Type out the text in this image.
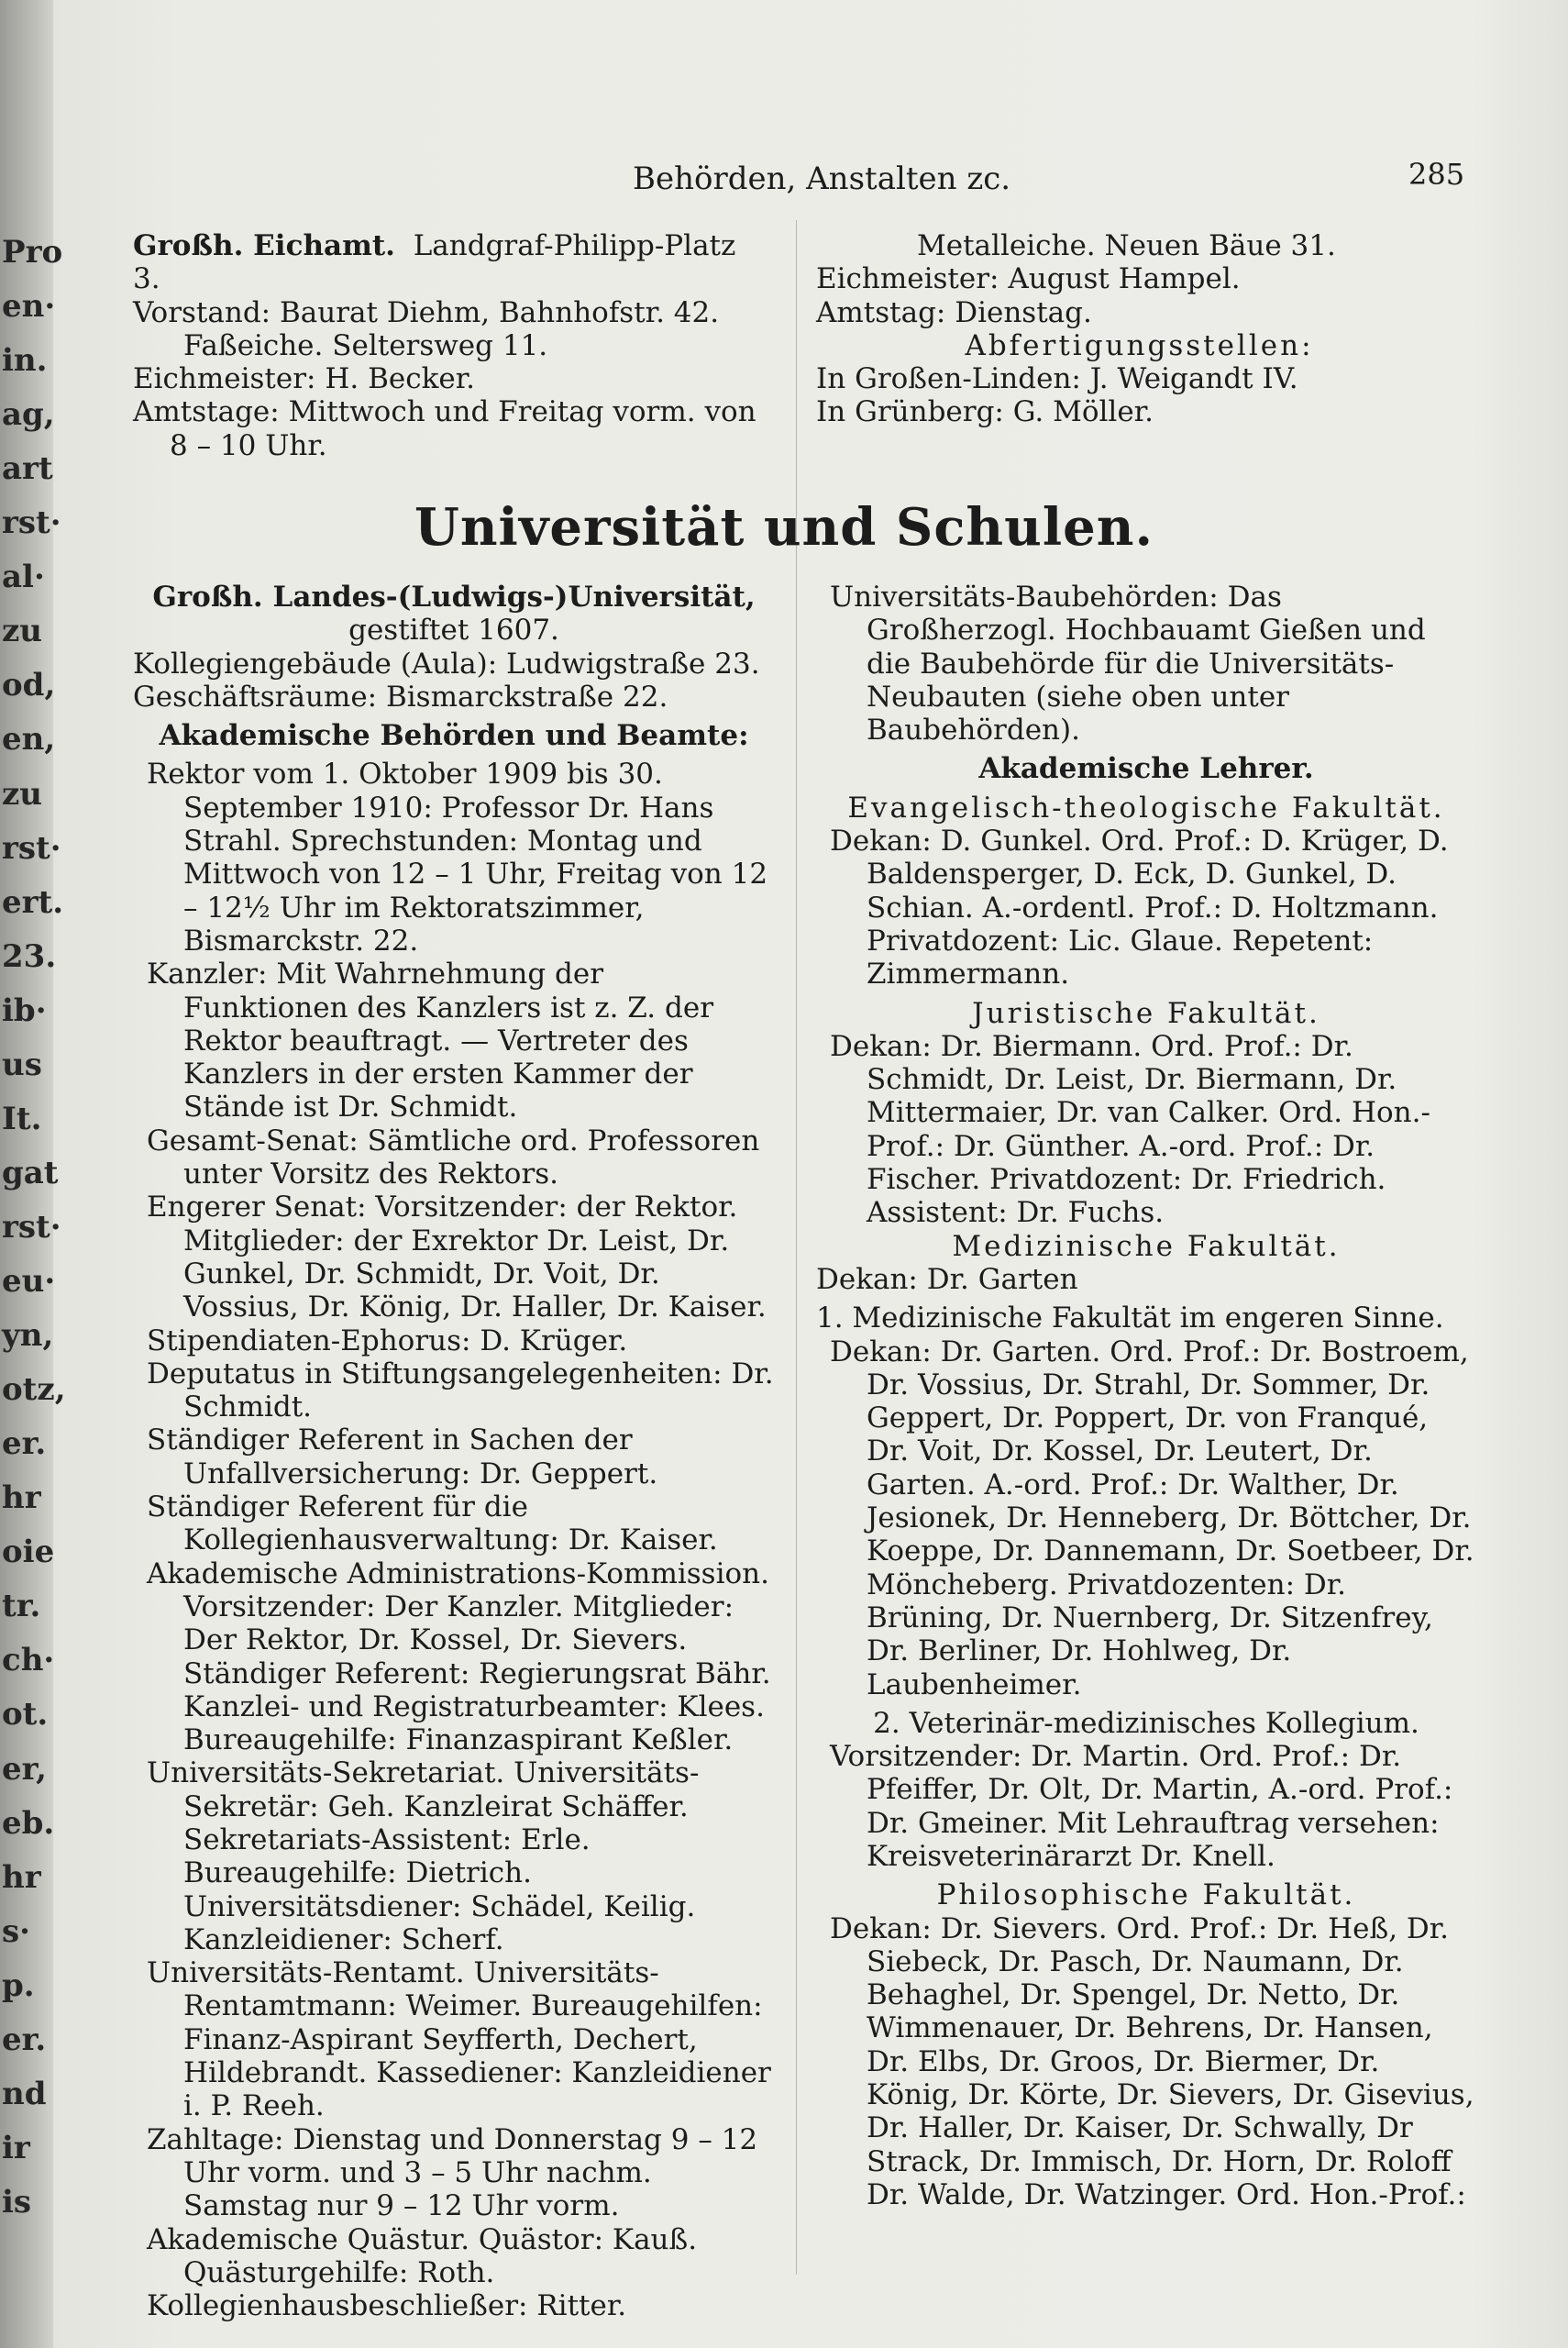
Pro
en·
in.
ag,
art
rst·
al·
zu
od,
en,
zu
rst·
ert.
23.
ib·
us
It.
gat
rst·
eu·
yn,
otz,
er.
hr
oie
tr.
ch·
ot.
er,
eb.
hr
s·
p.
er.
nd
ir
is
Behörden, Anstalten zc.	285

Großh. Eichamt. Landgraf-Philipp-Platz 3.

Vorstand: Baurat Diehm, Bahnhofstr. 42.

Faßeiche. Seltersweg 11.

Eichmeister: H. Becker.

Amtstage: Mittwoch und Freitag vorm. von

8 – 10 Uhr.

Metalleiche. Neuen Bäue 31.

Eichmeister: August Hampel.

Amtstag: Dienstag.

Abfertigungsstellen:

In Großen-Linden: J. Weigandt IV.

In Grünberg: G. Möller.

Universität und Schulen.

Großh. Landes-(Ludwigs-)Universität,

gestiftet 1607.

Kollegiengebäude (Aula): Ludwigstraße 23.

Geschäftsräume: Bismarckstraße 22.

Akademische Behörden und Beamte:

Rektor vom 1. Oktober 1909 bis 30. September 1910: Professor Dr. Hans Strahl. Sprechstunden: Montag und Mittwoch von 12 – 1 Uhr, Freitag von 12 – 12½ Uhr im Rektoratszimmer, Bismarckstr. 22.

Kanzler: Mit Wahrnehmung der Funktionen des Kanzlers ist z. Z. der Rektor beauftragt. — Vertreter des Kanzlers in der ersten Kammer der Stände ist Dr. Schmidt.

Gesamt-Senat: Sämtliche ord. Professoren unter Vorsitz des Rektors.

Engerer Senat: Vorsitzender: der Rektor. Mitglieder: der Exrektor Dr. Leist, Dr. Gunkel, Dr. Schmidt, Dr. Voit, Dr. Vossius, Dr. König, Dr. Haller, Dr. Kaiser.

Stipendiaten-Ephorus: D. Krüger.

Deputatus in Stiftungsangelegenheiten: Dr. Schmidt.

Ständiger Referent in Sachen der Unfallversicherung: Dr. Geppert.

Ständiger Referent für die Kollegienhausverwaltung: Dr. Kaiser.

Akademische Administrations-Kommission. Vorsitzender: Der Kanzler. Mitglieder: Der Rektor, Dr. Kossel, Dr. Sievers. Ständiger Referent: Regierungsrat Bähr. Kanzlei- und Registraturbeamter: Klees. Bureaugehilfe: Finanzaspirant Keßler.

Universitäts-Sekretariat. Universitäts-Sekretär: Geh. Kanzleirat Schäffer. Sekretariats-Assistent: Erle. Bureaugehilfe: Dietrich. Universitätsdiener: Schädel, Keilig. Kanzleidiener: Scherf.

Universitäts-Rentamt. Universitäts-Rentamtmann: Weimer. Bureaugehilfen: Finanz-Aspirant Seyfferth, Dechert, Hildebrandt. Kassediener: Kanzleidiener i. P. Reeh.

Zahltage: Dienstag und Donnerstag 9 – 12 Uhr vorm. und 3 – 5 Uhr nachm. Samstag nur 9 – 12 Uhr vorm.

Akademische Quästur. Quästor: Kauß. Quästurgehilfe: Roth.

Kollegienhausbeschließer: Ritter.

Universitäts-Baubehörden: Das Großherzogl. Hochbauamt Gießen und die Baubehörde für die Universitäts-Neubauten (siehe oben unter Baubehörden).

Akademische Lehrer.

Evangelisch-theologische Fakultät.

Dekan: D. Gunkel. Ord. Prof.: D. Krüger, D. Baldensperger, D. Eck, D. Gunkel, D. Schian. A.-ordentl. Prof.: D. Holtzmann. Privatdozent: Lic. Glaue. Repetent: Zimmermann.

Juristische Fakultät.

Dekan: Dr. Biermann. Ord. Prof.: Dr. Schmidt, Dr. Leist, Dr. Biermann, Dr. Mittermaier, Dr. van Calker. Ord. Hon.-Prof.: Dr. Günther. A.-ord. Prof.: Dr. Fischer. Privatdozent: Dr. Friedrich. Assistent: Dr. Fuchs.

Medizinische Fakultät.

Dekan: Dr. Garten

1. Medizinische Fakultät im engeren Sinne.

Dekan: Dr. Garten. Ord. Prof.: Dr. Bostroem, Dr. Vossius, Dr. Strahl, Dr. Sommer, Dr. Geppert, Dr. Poppert, Dr. von Franqué, Dr. Voit, Dr. Kossel, Dr. Leutert, Dr. Garten. A.-ord. Prof.: Dr. Walther, Dr. Jesionek, Dr. Henneberg, Dr. Böttcher, Dr. Koeppe, Dr. Dannemann, Dr. Soetbeer, Dr. Möncheberg. Privatdozenten: Dr. Brüning, Dr. Nuernberg, Dr. Sitzenfrey, Dr. Berliner, Dr. Hohlweg, Dr. Laubenheimer.

2. Veterinär-medizinisches Kollegium.

Vorsitzender: Dr. Martin. Ord. Prof.: Dr. Pfeiffer, Dr. Olt, Dr. Martin, A.-ord. Prof.: Dr. Gmeiner. Mit Lehrauftrag versehen: Kreisveterinärarzt Dr. Knell.

Philosophische Fakultät.

Dekan: Dr. Sievers. Ord. Prof.: Dr. Heß, Dr. Siebeck, Dr. Pasch, Dr. Naumann, Dr. Behaghel, Dr. Spengel, Dr. Netto, Dr. Wimmenauer, Dr. Behrens, Dr. Hansen, Dr. Elbs, Dr. Groos, Dr. Biermer, Dr. König, Dr. Körte, Dr. Sievers, Dr. Gisevius, Dr. Haller, Dr. Kaiser, Dr. Schwally, Dr Strack, Dr. Immisch, Dr. Horn, Dr. Roloff Dr. Walde, Dr. Watzinger. Ord. Hon.-Prof.:
